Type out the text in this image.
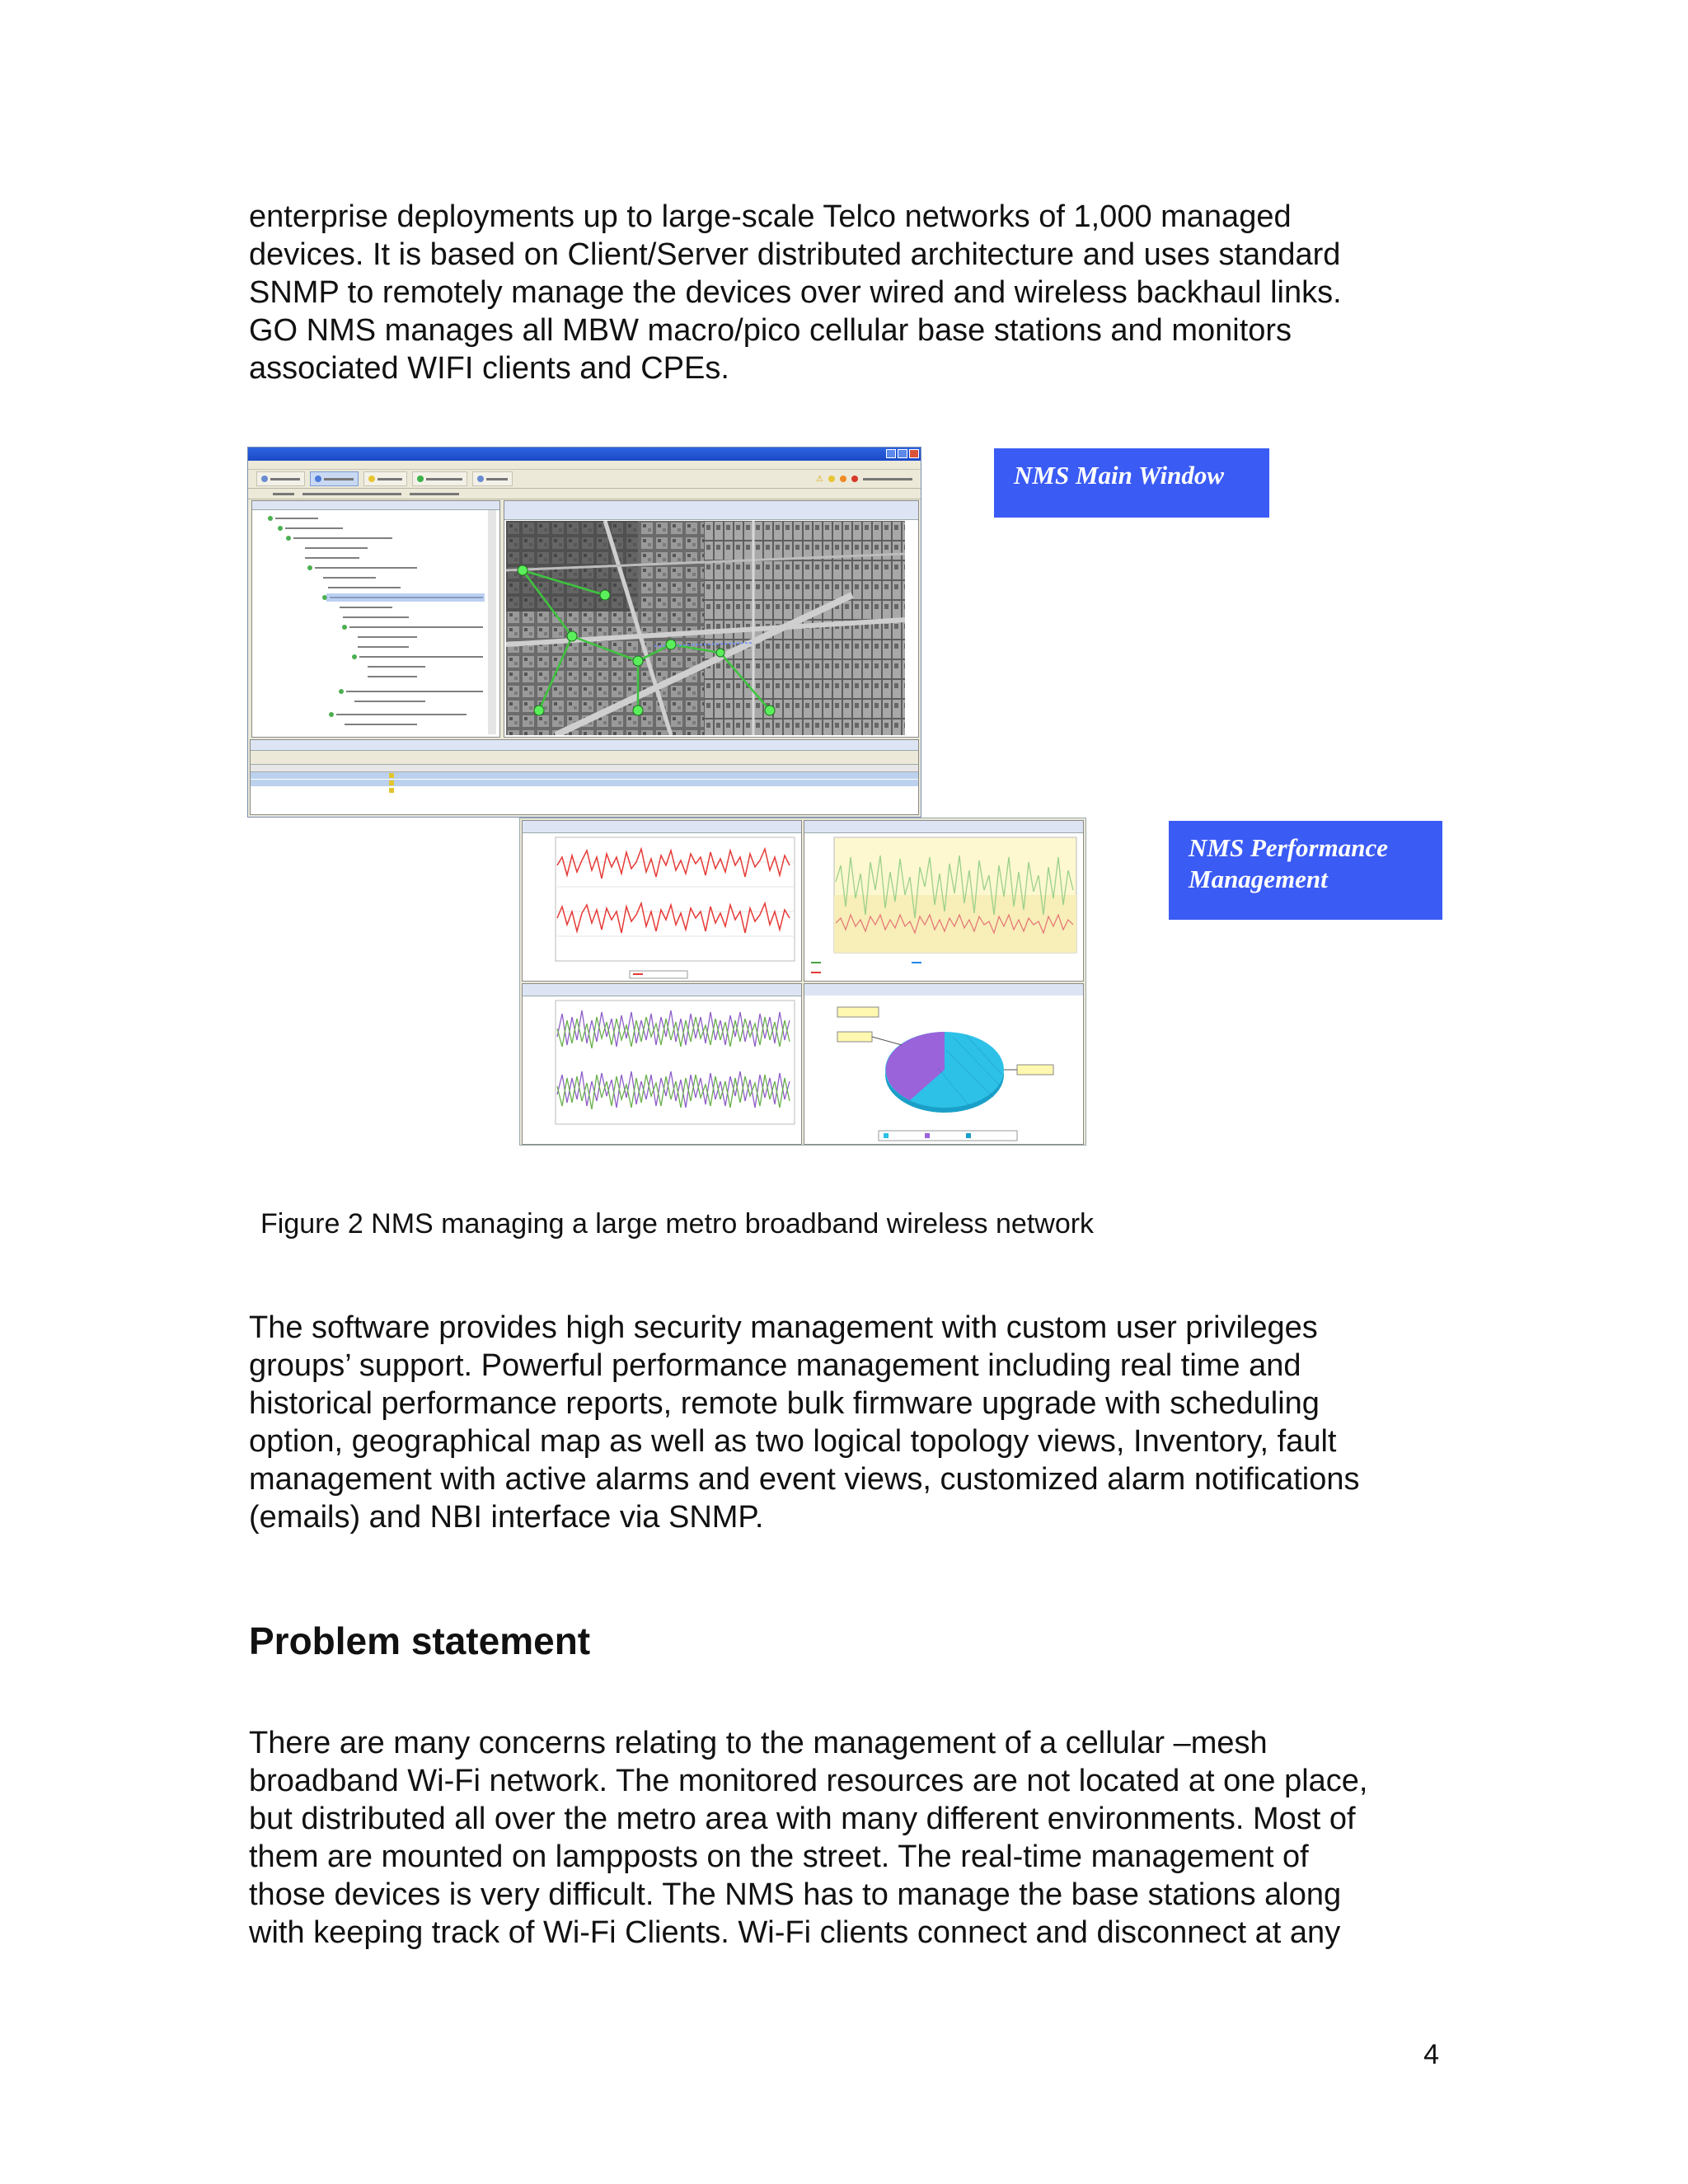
enterprise deployments up to large-scale Telco networks of 1,000 managed
devices. It is based on Client/Server distributed architecture and uses standard
SNMP to remotely manage the devices over wired and wireless backhaul links.
GO NMS manages all MBW macro/pico cellular base stations and monitors
associated WIFI clients and CPEs.
⚠	NMS Main Window
NMS Performance
Management
Figure 2 NMS managing a large metro broadband wireless network
The software provides high security management with custom user privileges
groups’ support. Powerful performance management including real time and
historical performance reports, remote bulk firmware upgrade with scheduling
option, geographical map as well as two logical topology views, Inventory, fault
management with active alarms and event views, customized alarm notifications
(emails) and NBI interface via SNMP.
Problem statement
There are many concerns relating to the management of a cellular –mesh
broadband Wi-Fi network. The monitored resources are not located at one place,
but distributed all over the metro area with many different environments. Most of
them are mounted on lampposts on the street. The real-time management of
those devices is very difficult. The NMS has to manage the base stations along
with keeping track of Wi-Fi Clients. Wi-Fi clients connect and disconnect at any
4
